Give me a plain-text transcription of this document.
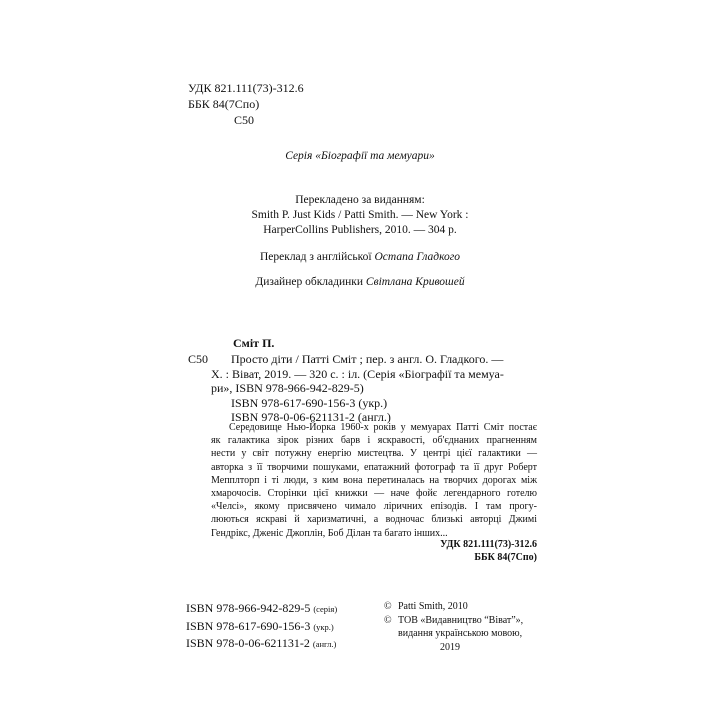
УДК 821.111(73)-312.6
ББК 84(7Спо)
С50
Серія «Біографії та мемуари»
Перекладено за виданням:
Smith P. Just Kids / Patti Smith. — New York :
HarperCollins Publishers, 2010. — 304 p.
Переклад з англійської Остапа Гладкого
Дизайнер обкладинки Світлана Кривошей
Сміт П.
С50	Просто діти / Патті Сміт ; пер. з англ. О. Гладкого. —
Х. : Віват, 2019. — 320 с. : іл. (Серія «Біографії та мемуа-
ри», ISBN 978-966-942-829-5)
ISBN 978-617-690-156-3 (укр.)
ISBN 978-0-06-621131-2 (англ.)
Середовище Нью-Йорка 1960-х років у мемуарах Патті Сміт постає
як галактика зірок різних барв і яскравості, об'єднаних прагненням
нести у світ потужну енергію мистецтва. У центрі цієї галактики —
авторка з її творчими пошуками, епатажний фотограф та її друг Роберт
Мепплторп і ті люди, з ким вона перетиналась на творчих дорогах між
хмарочосів. Сторінки цієї книжки — наче фойє легендарного готелю
«Челсі», якому присвячено чимало ліричних епізодів. І там прогу-
люються яскраві й харизматичні, а водночас близькі авторці Джимі
Гендрікс, Дженіс Джоплін, Боб Ділан та багато інших...
УДК 821.111(73)-312.6
ББК 84(7Спо)
ISBN 978-966-942-829-5 (серія)
ISBN 978-617-690-156-3 (укр.)
ISBN 978-0-06-621131-2 (англ.)
© Patti Smith, 2010
© ТОВ «Видавництво “Віват”»,
видання українською мовою,
2019
